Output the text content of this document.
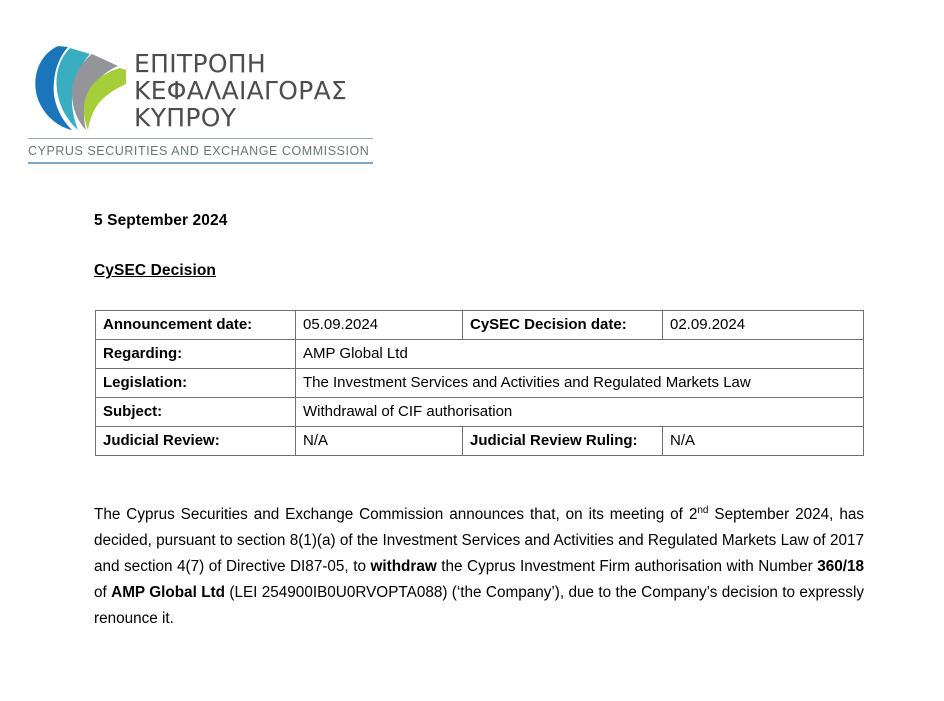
ΕΠΙΤΡΟΠΗ
ΚΕΦΑΛΑΙΑΓΟΡΑΣ
ΚΥΠΡΟΥ
CYPRUS SECURITIES AND EXCHANGE COMMISSION
5 September 2024
CySEC Decision
Announcement date:	05.09.2024	CySEC Decision date:	02.09.2024
Regarding:	AMP Global Ltd		
Legislation:	The Investment Services and Activities and Regulated Markets Law		
Subject:	Withdrawal of CIF authorisation		
Judicial Review:	N/A	Judicial Review Ruling:	N/A
The Cyprus Securities and Exchange Commission announces that, on its meeting of 2nd September 2024, has decided, pursuant to section 8(1)(a) of the Investment Services and Activities and Regulated Markets Law of 2017 and section 4(7) of Directive DI87-05, to withdraw the Cyprus Investment Firm authorisation with Number 360/18 of AMP Global Ltd (LEI 254900IB0U0RVOPTA088) (‘the Company’), due to the Company’s decision to expressly renounce it.
